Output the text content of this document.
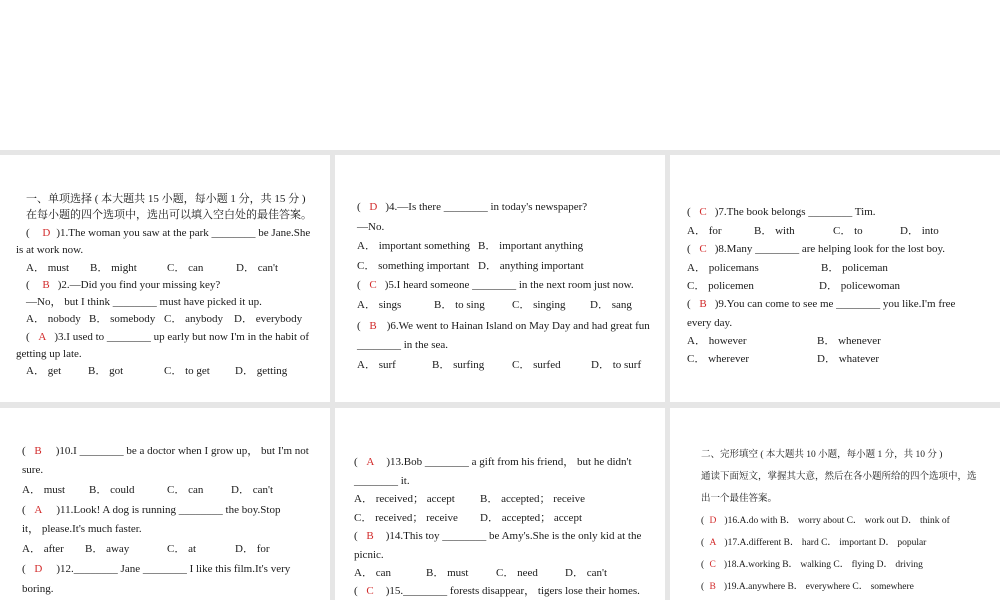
一、单项选择 ( 本大题共 15 小题，每小题 1 分，共 15 分 )
在每小题的四个选项中，选出可以填入空白处的最佳答案。
( D )1.The woman you saw at the park ________ be Jane.She
is at work now.
A． must B． might	C． can	D． can't
( B )2.—Did you find your missing key?
—No， but I think ________ must have picked it up.
A． nobody B． somebody C． anybody D． everybody
( A )3.I used to ________ up early but now I'm in the habit of
getting up late.
A． get B． got	C． to get D． getting
( D )4.—Is there ________ in today's newspaper?
—No.
A． important something B． important anything
C． something important D． anything important
( C )5.I heard someone ________ in the next room just now.
A． sings	B． to sing C． singing D． sang
( B )6.We went to Hainan Island on May Day and had great fun
________ in the sea.
A． surf	B． surfing	C． surfed	D． to surf
( C )7.The book belongs ________ Tim.
A． for	B． with	C． to	D． into
( C )8.Many ________ are helping look for the lost boy.
A． policemans	B． policeman
C． policemen	D． policewoman
( B )9.You can come to see me ________ you like.I'm free
every day.
A． however	B． whenever
C． wherever	D． whatever
( B )10.I ________ be a doctor when I grow up， but I'm not
sure.
A． must B． could	C． can	D． can't
( A )11.Look! A dog is running ________ the boy.Stop
it， please.It's much faster.
A． after B． away	C． at	D． for
( D )12.________ Jane ________ I like this film.It's very
boring.
( A )13.Bob ________ a gift from his friend， but he didn't
________ it.
A． received； accept B． accepted； receive
C． received； receive D． accepted； accept
( B )14.This toy ________ be Amy's.She is the only kid at the
picnic.
A． can	B． must	C． need D． can't
( C )15.________ forests disappear， tigers lose their homes.
二、完形填空 ( 本大题共 10 小题，每小题 1 分，共 10 分 )
通读下面短文，掌握其大意，然后在各小题所给的四个选项中，选
出一个最佳答案。
( D )16.A.do with B． worry about C． work out D． think of
( A )17.A.different B． hard C． important D． popular
( C )18.A.working B． walking C． flying D． driving
( B )19.A.anywhere B． everywhere C． somewhere
